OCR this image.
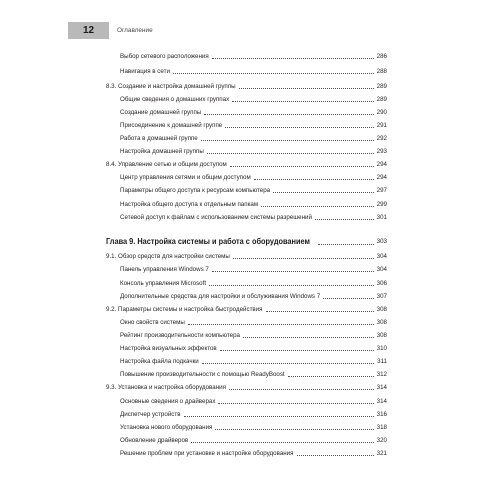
12	Оглавление
Выбор сетевого расположения	286
Навигация в сети	288
8.3. Создание и настройка домашней группы	289
Общие сведения о домашних группах	289
Создание домашней группы	290
Присоединение к домашней группе	291
Работа в домашней группе	292
Настройка домашней группы	293
8.4. Управление сетью и общим доступом	294
Центр управления сетями и общим доступом	294
Параметры общего доступа к ресурсам компьютера	297
Настройка общего доступа к отдельным папкам	299
Сетевой доступ к файлам с использованием системы разрешений	301
Глава 9. Настройка системы и работа с оборудованием	303
9.1. Обзор средств для настройки системы	304
Панель управления Windows 7	304
Консоль управления Microsoft	306
Дополнительные средства для настройки и обслуживания Windows 7	307
9.2. Параметры системы и настройка быстродействия	308
Окно свойств системы	308
Рейтинг производительности компьютера	308
Настройка визуальных эффектов	310
Настройка файла подкачки	311
Повышение производительности с помощью ReadyBoost	312
9.3. Установка и настройка оборудования	314
Основные сведения о драйверах	314
Диспетчер устройств	316
Установка нового оборудования	318
Обновление драйверов	320
Решение проблем при установке и настройке оборудования	321
